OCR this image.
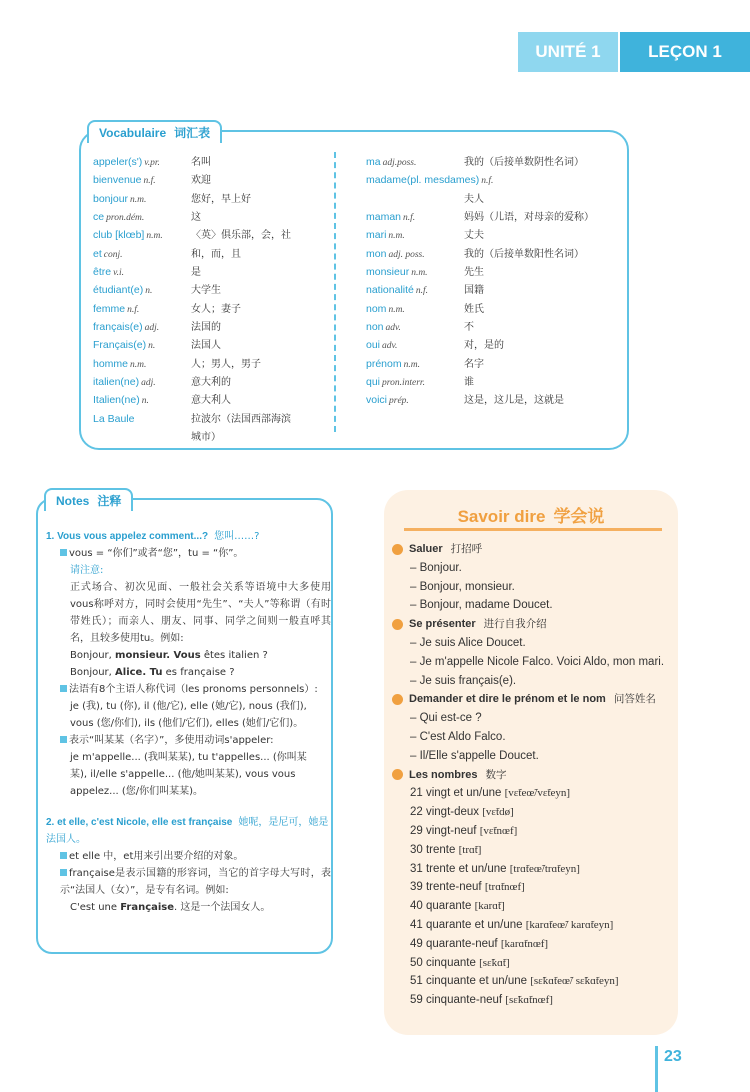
UNITÉ 1	LEÇON 1
Vocabulaire 词汇表
appeler(s') v.pr.	名叫
bienvenue n.f.	欢迎
bonjour n.m.	您好，早上好
ce pron.dém.	这
club [klœb] n.m.	〈英〉俱乐部，会，社
et conj.	和，而，且
être v.i.	是
étudiant(e) n.	大学生
femme n.f.	女人；妻子
français(e) adj.	法国的
Français(e) n.	法国人
homme n.m.	人；男人，男子
italien(ne) adj.	意大利的
Italien(ne) n.	意大利人
La Baule	拉波尔（法国西部海滨
城市）
ma adj.poss.	我的（后接单数阴性名词）
madame(pl. mesdames) n.f.
夫人
maman n.f.	妈妈（儿语，对母亲的爱称）
mari n.m.	丈夫
mon adj. poss.	我的（后接单数阳性名词）
monsieur n.m.	先生
nationalité n.f.	国籍
nom n.m.	姓氏
non adv.	不
oui adv.	对，是的
prénom n.m.	名字
qui pron.interr.	谁
voici prép.	这是，这儿是，这就是
Notes 注释
1. Vous vous appelez comment...? 您叫……?
vous = “你们”或者“您”，tu = “你”。
请注意:
正式场合、初次见面、一般社会关系等语境中大多使用vous称呼对方，同时会使用“先生”、“夫人”等称谓（有时带姓氏）；而亲人、朋友、同事、同学之间则一般直呼其名，且较多使用tu。例如:
Bonjour, monsieur. Vous êtes italien ?
Bonjour, Alice. Tu es française ?
法语有8个主语人称代词（les pronoms personnels）:
je (我), tu (你), il (他/它), elle (她/它), nous (我们),
vous (您/你们), ils (他们/它们), elles (她们/它们)。
表示“叫某某（名字）”，多使用动词s'appeler:
je m'appelle... (我叫某某), tu t'appelles... (你叫某
某), il/elle s'appelle... (他/她叫某某), vous vous
appelez... (您/你们叫某某)。
2. et elle, c'est Nicole, elle est française 她呢，是尼可，她是法国人。
et elle 中，et用来引出要介绍的对象。
française是表示国籍的形容词，当它的首字母大写时，表示“法国人（女）”，是专有名词。例如:
C'est une Française. 这是一个法国女人。
Savoir dire 学会说
Saluer 打招呼
– Bonjour.
– Bonjour, monsieur.
– Bonjour, madame Doucet.
Se présenter 进行自我介绍
– Je suis Alice Doucet.
– Je m'appelle Nicole Falco. Voici Aldo, mon mari.
– Je suis français(e).
Demander et dire le prénom et le nom 问答姓名
– Qui est-ce ?
– C'est Aldo Falco.
– Il/Elle s'appelle Doucet.
Les nombres 数字
21 vingt et un/une [vɛ̃teœ̃/vɛ̃teyn]
22 vingt-deux [vɛ̃tdø]
29 vingt-neuf [vɛ̃tnœf]
30 trente [trɑ̃t]
31 trente et un/une [trɑ̃teœ̃/trɑ̃teyn]
39 trente-neuf [trɑ̃tnœf]
40 quarante [karɑ̃t]
41 quarante et un/une [karɑ̃teœ̃/ karɑ̃teyn]
49 quarante-neuf [karɑ̃tnœf]
50 cinquante [sɛ̃kɑ̃t]
51 cinquante et un/une [sɛ̃kɑ̃teœ̃/ sɛ̃kɑ̃teyn]
59 cinquante-neuf [sɛ̃kɑ̃tnœf]
23
